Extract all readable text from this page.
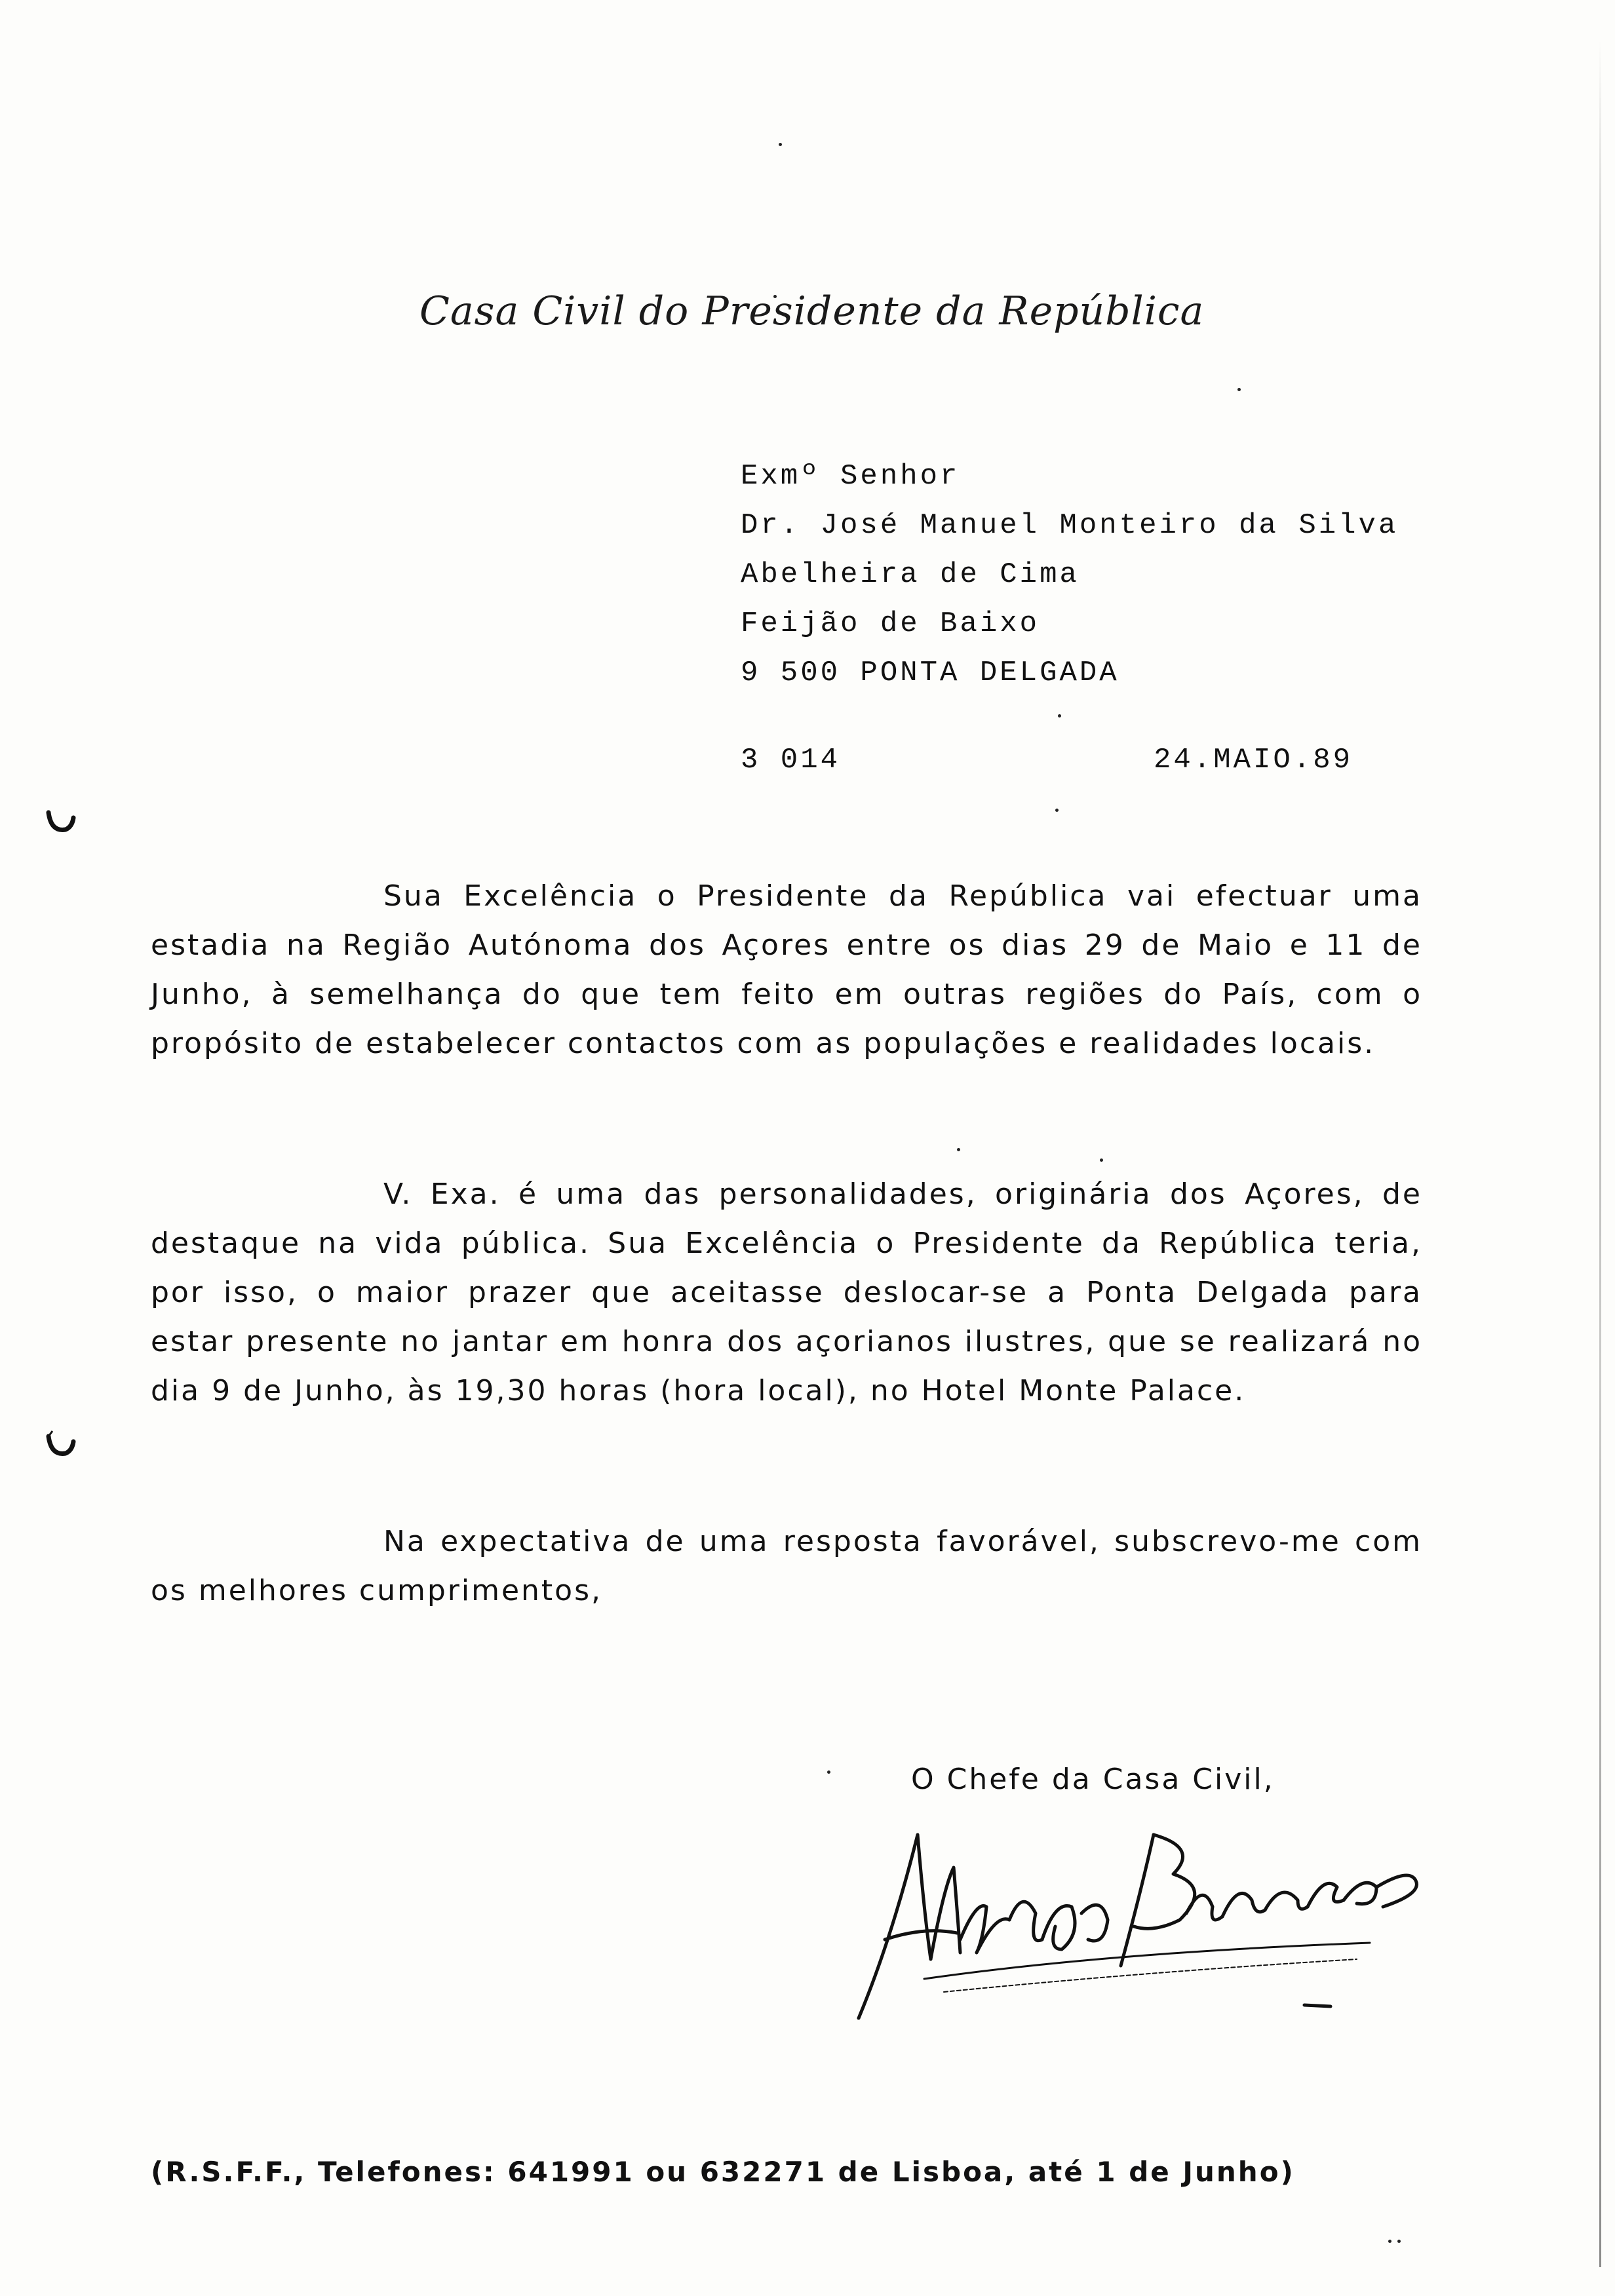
Casa Civil do Presidente da República
Exmº Senhor
Dr. José Manuel Monteiro da Silva
Abelheira de Cima
Feijão de Baixo
9 500 PONTA DELGADA
3 014	24.MAIO.89
Sua Excelência o Presidente da República vai efectuar uma estadia na Região Autónoma dos Açores entre os dias 29 de Maio e 11 de Junho, à semelhança do que tem feito em outras regiões do País, com o propósito de estabelecer contactos com as populações e realidades locais.
V. Exa. é uma das personalidades, originária dos Açores, de destaque na vida pública. Sua Excelência o Presidente da República teria, por isso, o maior prazer que aceitasse deslocar-se a Ponta Delgada para estar presente no jantar em honra dos açorianos ilustres, que se realizará no dia 9 de Junho, às 19,30 horas (hora local), no Hotel Monte Palace.
Na expectativa de uma resposta favorável, subscrevo-me com os melhores cumprimentos,
O Chefe da Casa Civil,
(R.S.F.F., Telefones: 641991 ou 632271 de Lisboa, até 1 de Junho)
